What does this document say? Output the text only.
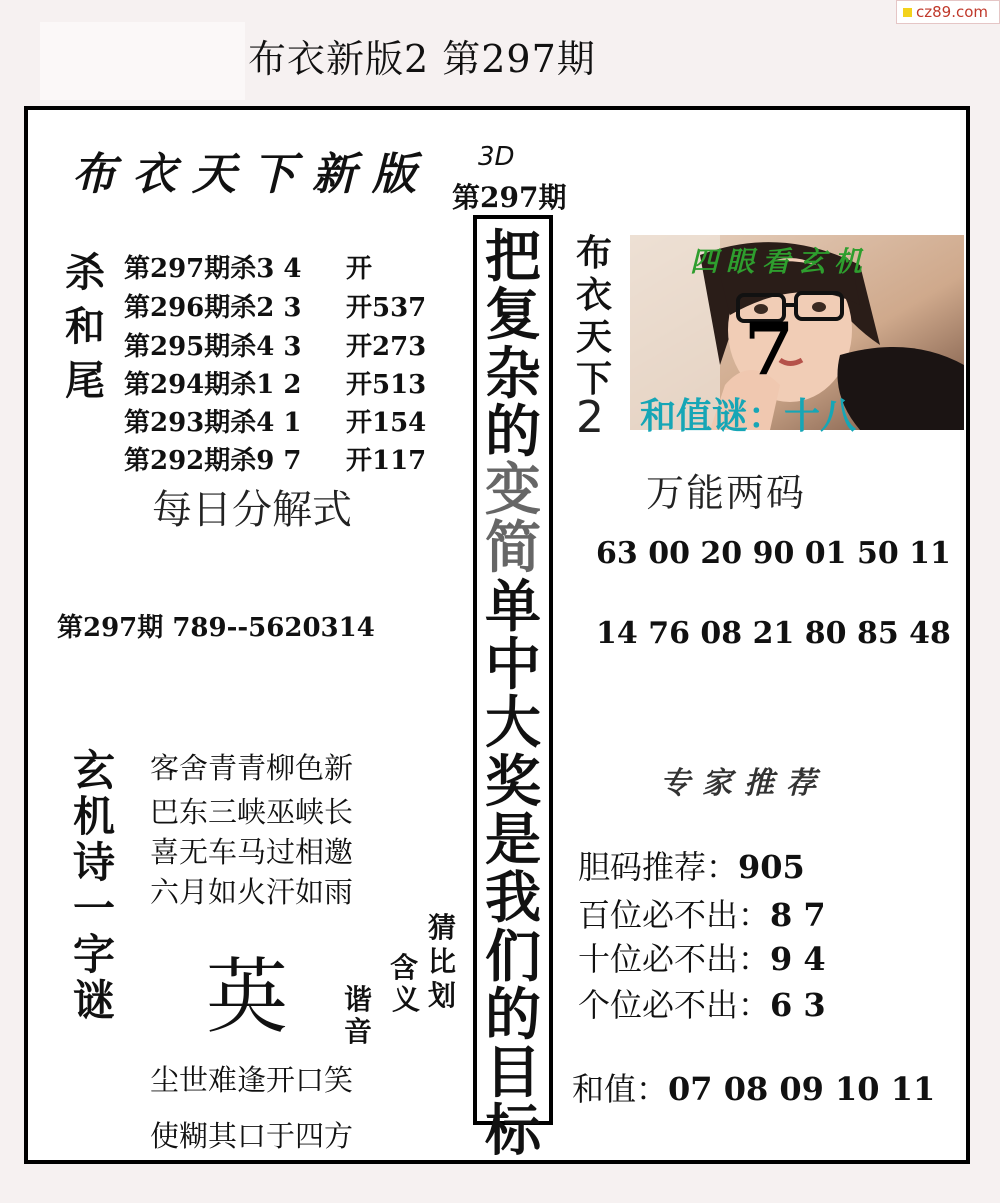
cz89.com
布衣新版2 第297期
布衣天下新版 3D
第297期
杀
和
尾
第297期杀3 4 开
第296期杀2 3 开537
第295期杀4 3 开273
第294期杀1 2 开513
第293期杀4 1 开154
第292期杀9 7 开117
每日分解式
第297期 789--5620314
玄
机
诗
一
字
谜
客舍青青柳色新
巴东三峡巫峡长
喜无车马过相邀
六月如火汗如雨
英
猜
比
划
含
义
谐
音
尘世难逢开口笑
使糊其口于四方
把
复
杂
的
变
简
单
中
大
奖
是
我
们
的
目
标
布
衣
天
下
2
四眼看玄机
7
和值谜：十八
万能两码
63 00 20 90 01 50 11
14 76 08 21 80 85 48
专家推荐
胆码推荐：905
百位必不出：8 7
十位必不出：9 4
个位必不出：6 3
和值：07 08 09 10 11
